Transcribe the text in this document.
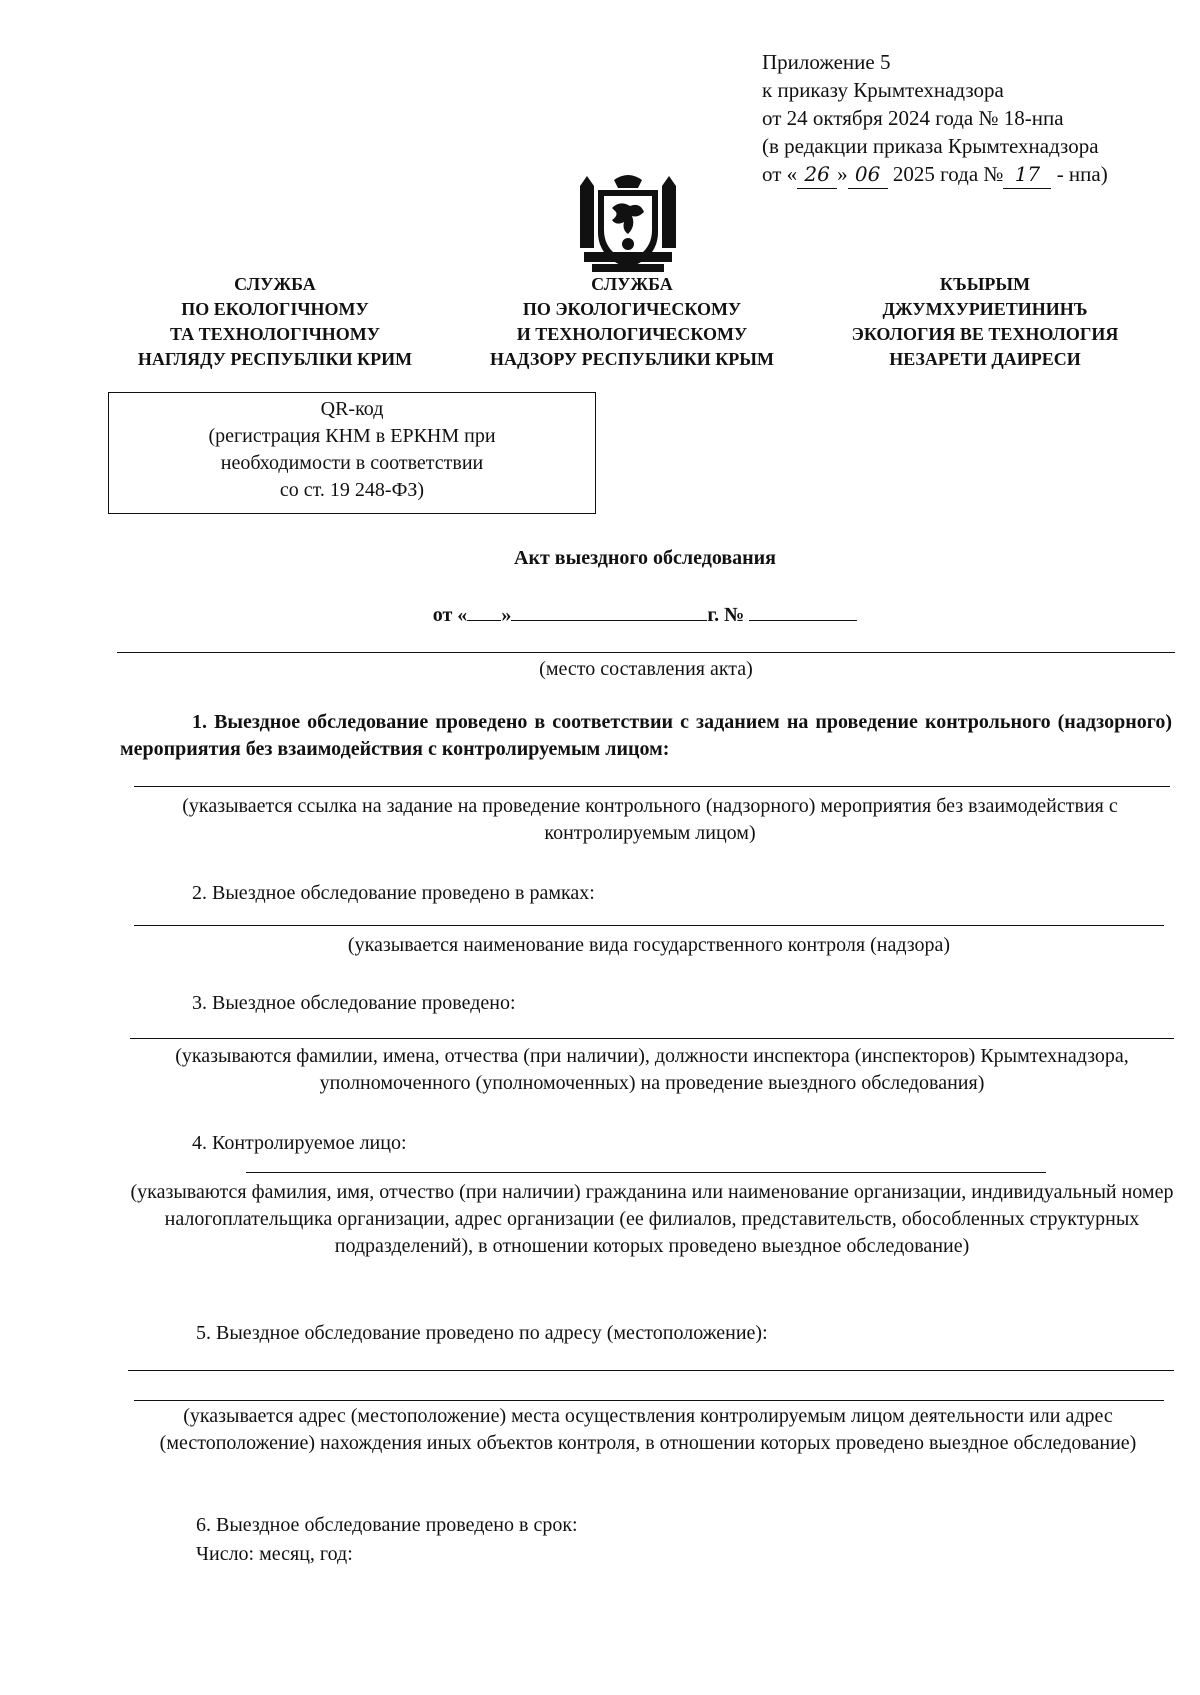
Приложение 5
к приказу Крымтехнадзора
от 24 октября 2024 года № 18-нпа
(в редакции приказа Крымтехнадзора
от « 26 » 06 2025 года № 17 - нпа)
СЛУЖБА
ПО ЕКОЛОГІЧНОМУ
ТА ТЕХНОЛОГІЧНОМУ
НАГЛЯДУ РЕСПУБЛІКИ КРИМ
СЛУЖБА
ПО ЭКОЛОГИЧЕСКОМУ
И ТЕХНОЛОГИЧЕСКОМУ
НАДЗОРУ РЕСПУБЛИКИ КРЫМ
КЪЫРЫМ
ДЖУМХУРИЕТИНИНЪ
ЭКОЛОГИЯ ВЕ ТЕХНОЛОГИЯ
НЕЗАРЕТИ ДАИРЕСИ
QR-код
(регистрация КНМ в ЕРКНМ при
необходимости в соответствии
со ст. 19 248-ФЗ)
Акт выездного обследования
от « »	г. №
(место составления акта)
1. Выездное обследование проведено в соответствии с заданием на проведение контрольного (надзорного) мероприятия без взаимодействия с контролируемым лицом:
(указывается ссылка на задание на проведение контрольного (надзорного) мероприятия без взаимодействия с контролируемым лицом)
2. Выездное обследование проведено в рамках:
(указывается наименование вида государственного контроля (надзора)
3. Выездное обследование проведено:
(указываются фамилии, имена, отчества (при наличии), должности инспектора (инспекторов) Крымтехнадзора, уполномоченного (уполномоченных) на проведение выездного обследования)
4. Контролируемое лицо:
(указываются фамилия, имя, отчество (при наличии) гражданина или наименование организации, индивидуальный номер налогоплательщика организации, адрес организации (ее филиалов, представительств, обособленных структурных подразделений), в отношении которых проведено выездное обследование)
5. Выездное обследование проведено по адресу (местоположение):
(указывается адрес (местоположение) места осуществления контролируемым лицом деятельности или адрес (местоположение) нахождения иных объектов контроля, в отношении которых проведено выездное обследование)
6. Выездное обследование проведено в срок:
Число: месяц, год:
